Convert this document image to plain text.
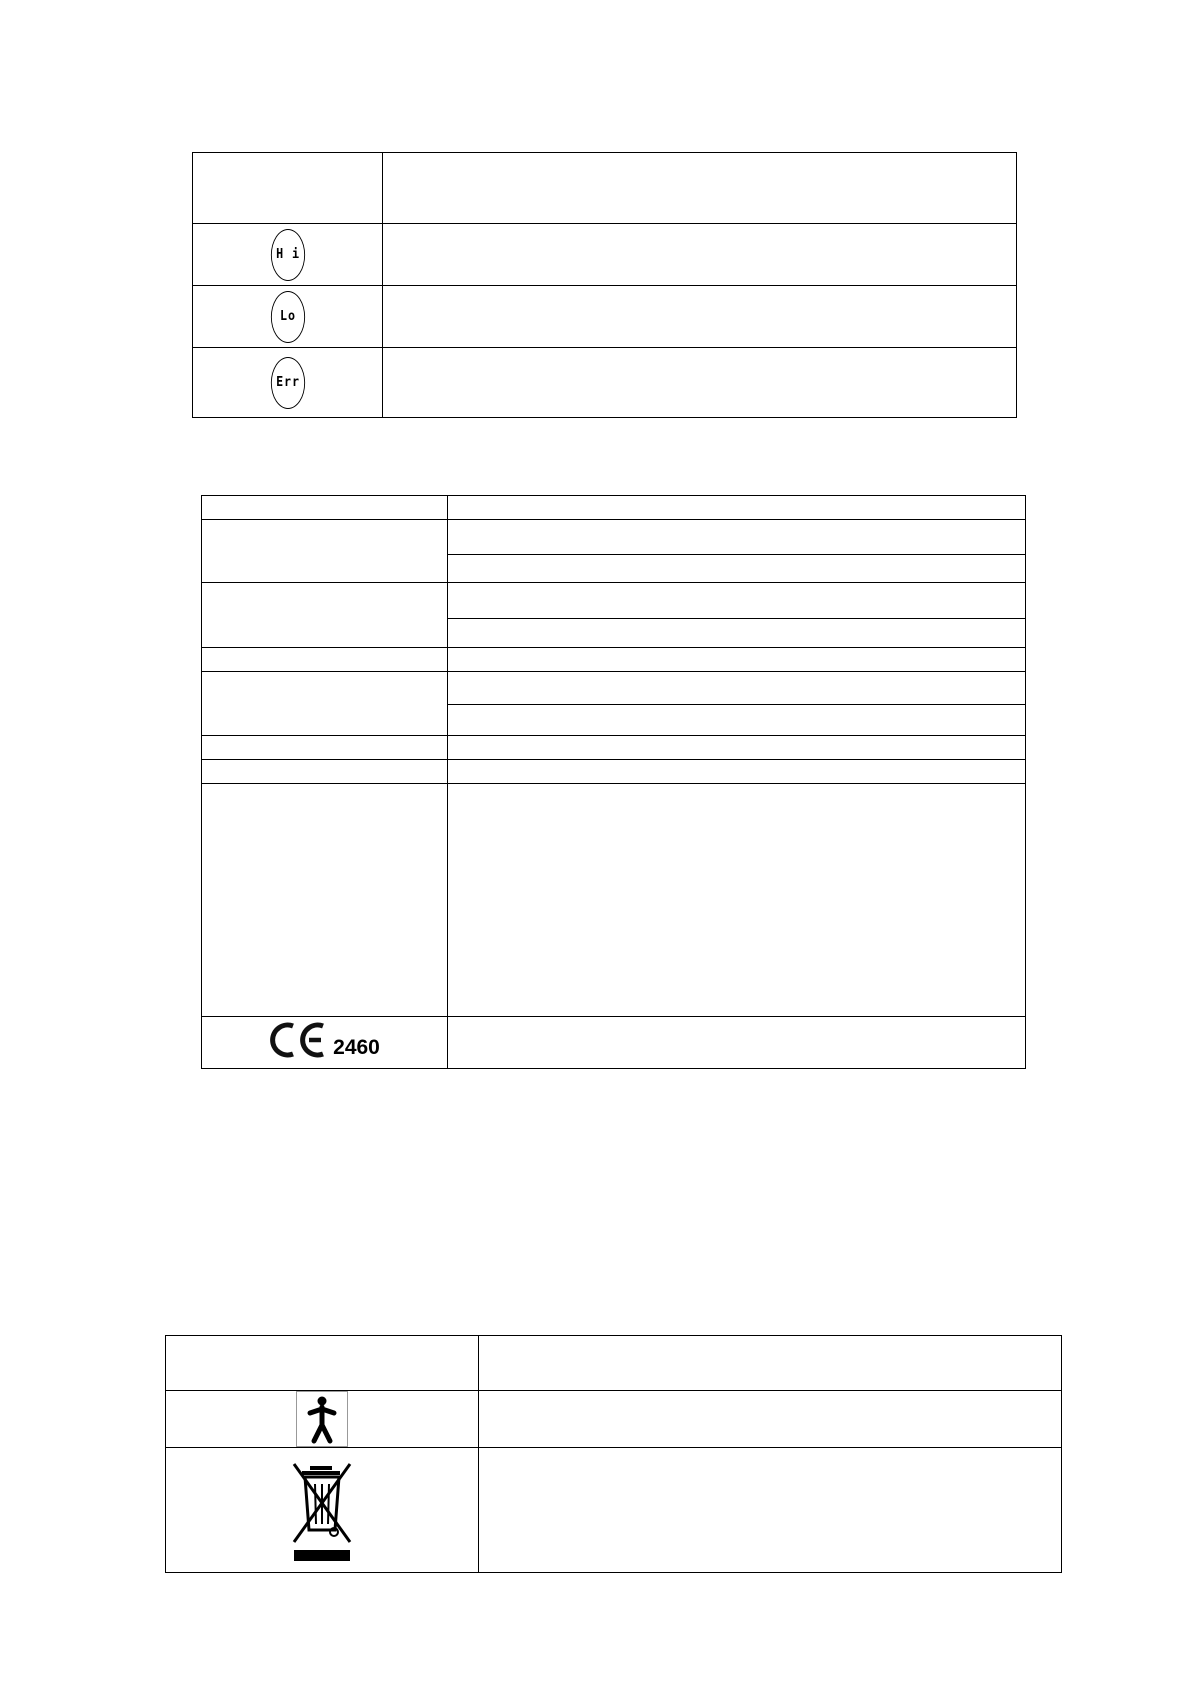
H i	
Lo	
Err	

2460	
